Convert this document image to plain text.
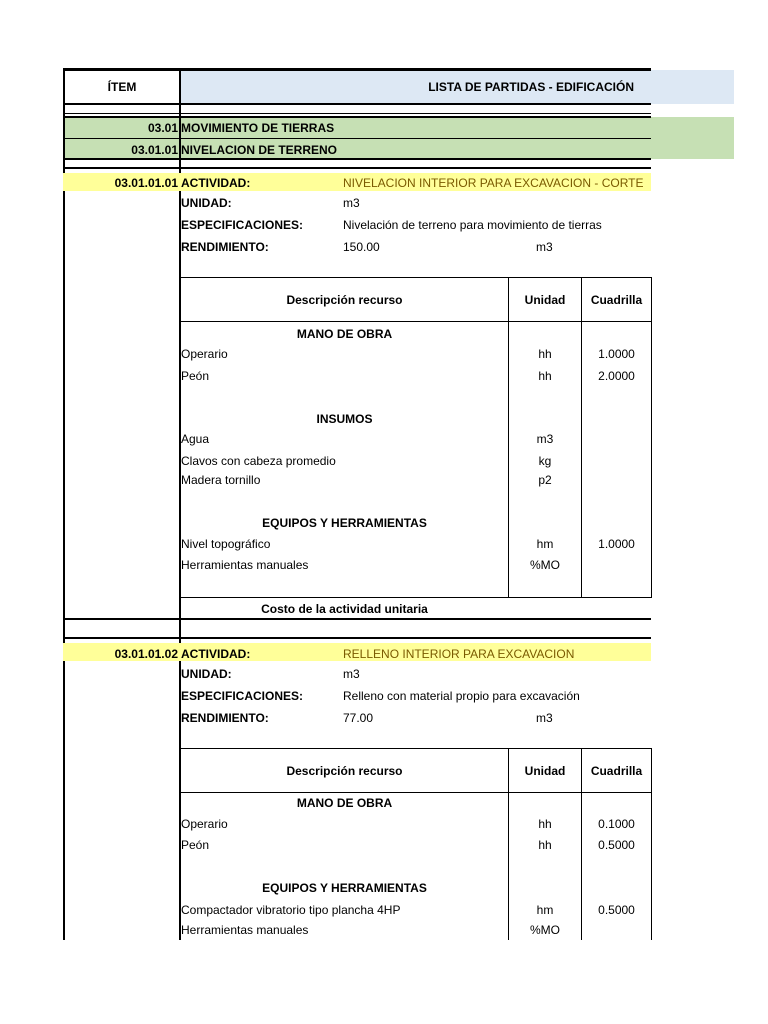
ÍTEM	LISTA DE PARTIDAS - EDIFICACIÓN
03.01 MOVIMIENTO DE TIERRAS
03.01.01 NIVELACION DE TERRENO
03.01.01.01 ACTIVIDAD:	NIVELACION INTERIOR PARA EXCAVACION - CORTE
UNIDAD:	m3
ESPECIFICACIONES:	Nivelación de terreno para movimiento de tierras
RENDIMIENTO:	150.00	m3
Descripción recurso	Unidad	Cuadrilla
MANO DE OBRA
Operario	hh	1.0000
Peón	hh	2.0000
INSUMOS
Agua	m3
Clavos con cabeza promedio	kg
Madera tornillo	p2
EQUIPOS Y HERRAMIENTAS
Nivel topográfico	hm	1.0000
Herramientas manuales	%MO
Costo de la actividad unitaria
03.01.01.02 ACTIVIDAD:	RELLENO INTERIOR PARA EXCAVACION
UNIDAD:	m3
ESPECIFICACIONES:	Relleno con material propio para excavación
RENDIMIENTO:	77.00	m3
Descripción recurso	Unidad	Cuadrilla
MANO DE OBRA
Operario	hh	0.1000
Peón	hh	0.5000
EQUIPOS Y HERRAMIENTAS
Compactador vibratorio tipo plancha 4HP	hm	0.5000
Herramientas manuales	%MO
